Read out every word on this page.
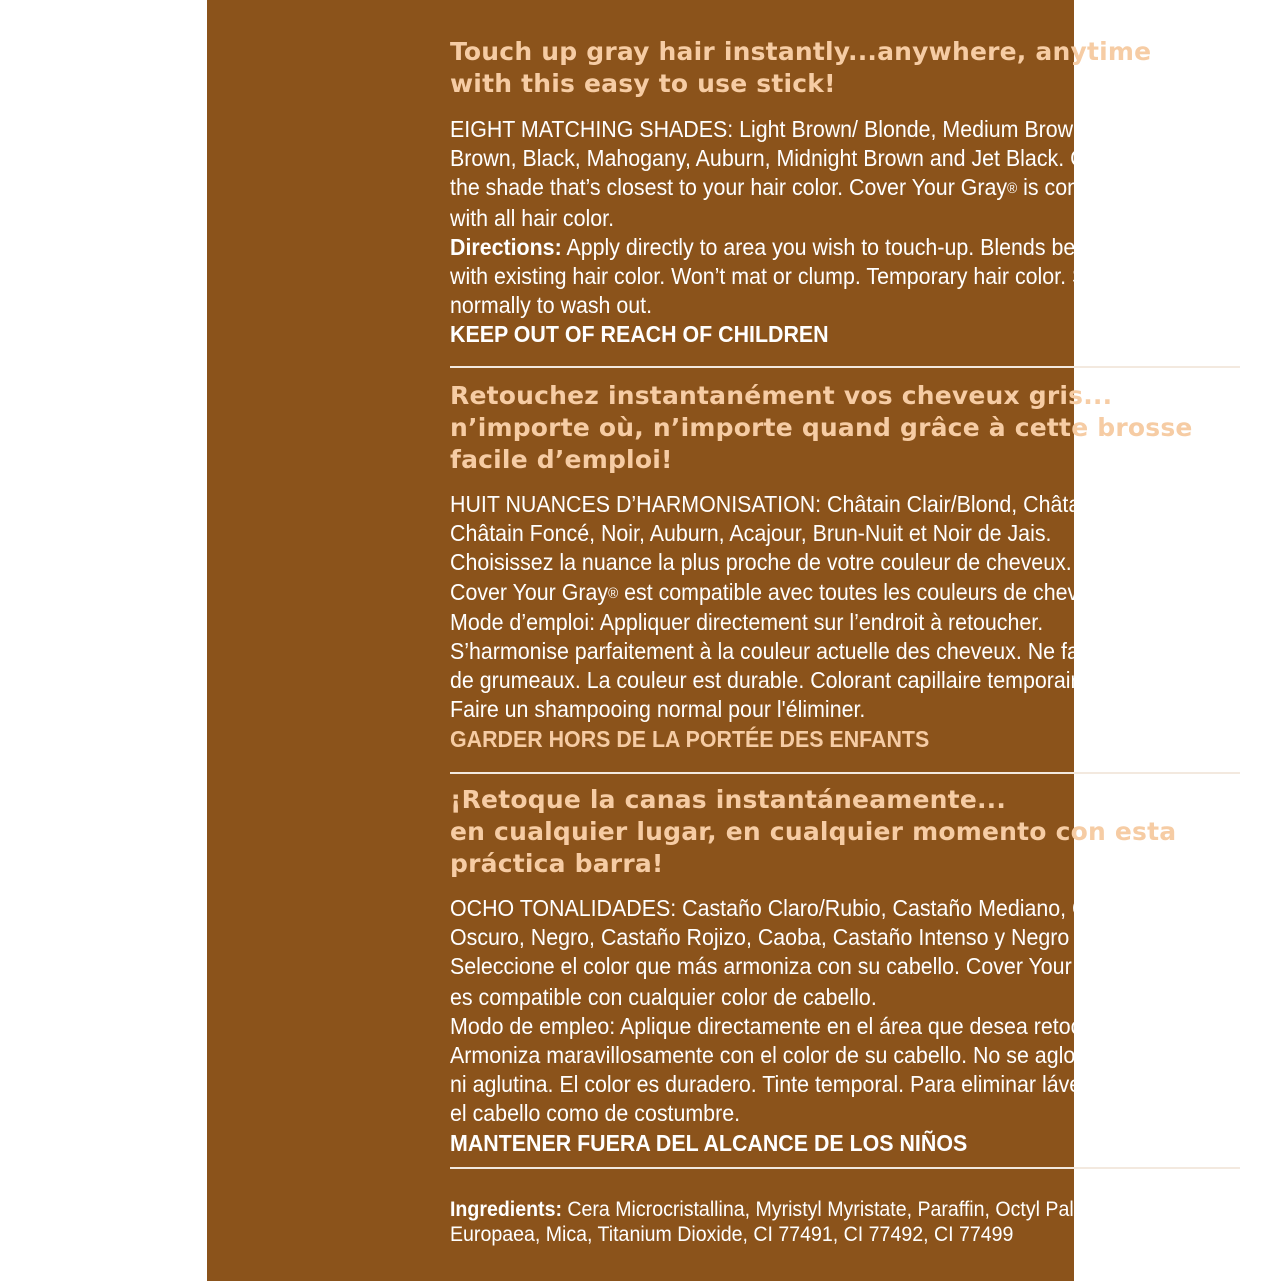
Touch up gray hair instantly...anywhere, anytime
with this easy to use stick!
EIGHT MATCHING SHADES: Light Brown/ Blonde, Medium Brown, Dark
Brown, Black, Mahogany, Auburn, Midnight Brown and Jet Black. Choose
the shade that’s closest to your hair color. Cover Your Gray® is compatible
with all hair color.
Directions: Apply directly to area you wish to touch-up. Blends beautifully
with existing hair color. Won’t mat or clump. Temporary hair color. Shampoo
normally to wash out.
KEEP OUT OF REACH OF CHILDREN
Retouchez instantanément vos cheveux gris...
n’importe où, n’importe quand grâce à cette brosse
facile d’emploi!
HUIT NUANCES D’HARMONISATION: Châtain Clair/Blond, Châtain Moyen,
Châtain Foncé, Noir, Auburn, Acajour, Brun-Nuit et Noir de Jais.
Choisissez la nuance la plus proche de votre couleur de cheveux.
Cover Your Gray® est compatible avec toutes les couleurs de cheveux.
Mode d’emploi: Appliquer directement sur l’endroit à retoucher.
S’harmonise parfaitement à la couleur actuelle des cheveux. Ne fait pas
de grumeaux. La couleur est durable. Colorant capillaire temporaire.
Faire un shampooing normal pour l'éliminer.
GARDER HORS DE LA PORTÉE DES ENFANTS
¡Retoque la canas instantáneamente...
en cualquier lugar, en cualquier momento con esta
práctica barra!
OCHO TONALIDADES: Castaño Claro/Rubio, Castaño Mediano, Castaño
Oscuro, Negro, Castaño Rojizo, Caoba, Castaño Intenso y Negro Azabache.
Seleccione el color que más armoniza con su cabello. Cover Your Gray®
es compatible con cualquier color de cabello.
Modo de empleo: Aplique directamente en el área que desea retocar.
Armoniza maravillosamente con el color de su cabello. No se aglomera
ni aglutina. El color es duradero. Tinte temporal. Para eliminar lávese
el cabello como de costumbre.
MANTENER FUERA DEL ALCANCE DE LOS NIÑOS
Ingredients: Cera Microcristallina, Myristyl Myristate, Paraffin, Octyl Palmitate, Olea
Europaea, Mica, Titanium Dioxide, CI 77491, CI 77492, CI 77499
